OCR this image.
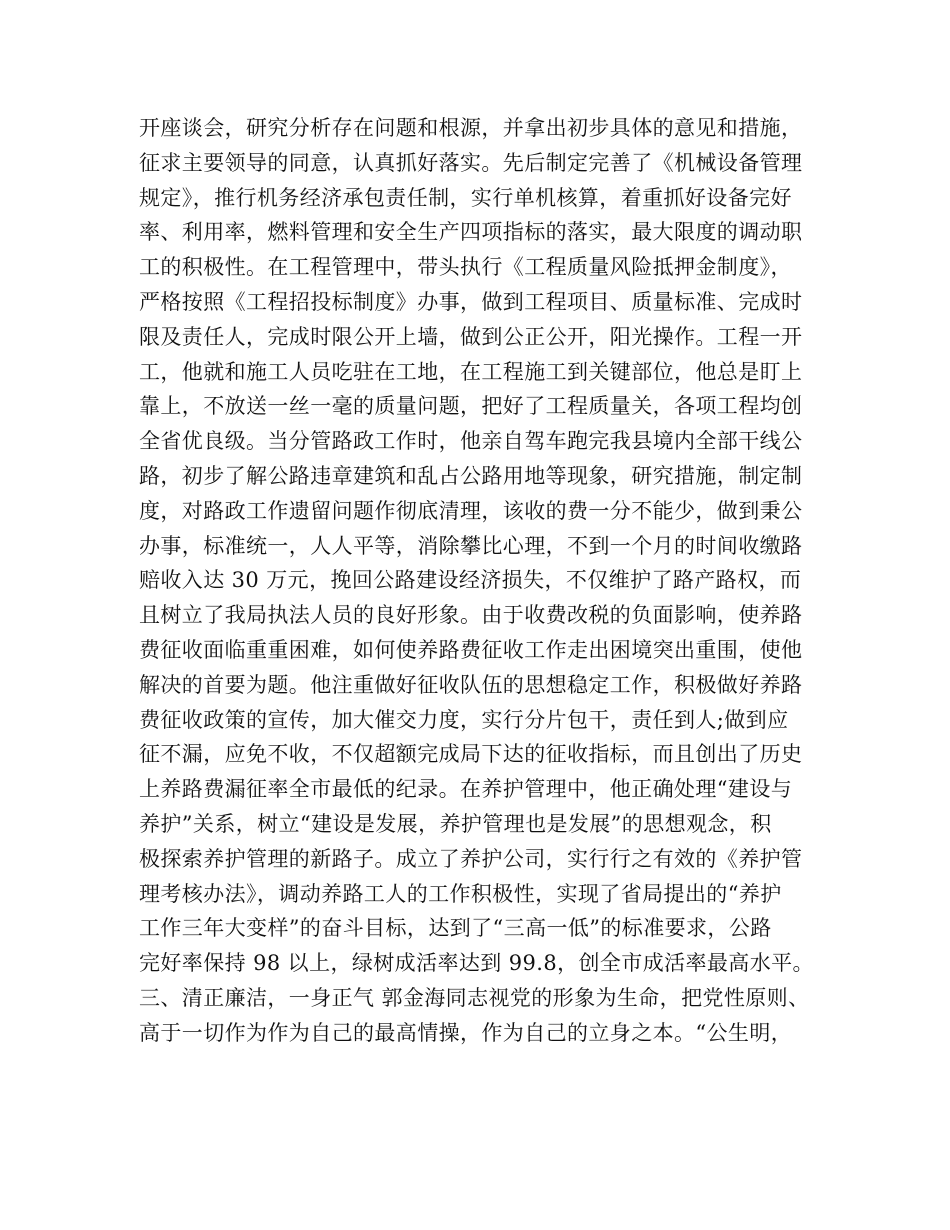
开座谈会，研究分析存在问题和根源，并拿出初步具体的意见和措施，
征求主要领导的同意，认真抓好落实。先后制定完善了《机械设备管理
规定》，推行机务经济承包责任制，实行单机核算，着重抓好设备完好
率、利用率，燃料管理和安全生产四项指标的落实，最大限度的调动职
工的积极性。在工程管理中，带头执行《工程质量风险抵押金制度》，
严格按照《工程招投标制度》办事，做到工程项目、质量标准、完成时
限及责任人，完成时限公开上墙，做到公正公开，阳光操作。工程一开
工，他就和施工人员吃驻在工地，在工程施工到关键部位，他总是盯上
靠上，不放送一丝一毫的质量问题，把好了工程质量关，各项工程均创
全省优良级。当分管路政工作时，他亲自驾车跑完我县境内全部干线公
路，初步了解公路违章建筑和乱占公路用地等现象，研究措施，制定制
度，对路政工作遗留问题作彻底清理，该收的费一分不能少，做到秉公
办事，标准统一，人人平等，消除攀比心理，不到一个月的时间收缴路
赔收入达 30 万元，挽回公路建设经济损失，不仅维护了路产路权，而
且树立了我局执法人员的良好形象。由于收费改税的负面影响，使养路
费征收面临重重困难，如何使养路费征收工作走出困境突出重围，使他
解决的首要为题。他注重做好征收队伍的思想稳定工作，积极做好养路
费征收政策的宣传，加大催交力度，实行分片包干，责任到人;做到应
征不漏，应免不收，不仅超额完成局下达的征收指标，而且创出了历史
上养路费漏征率全市最低的纪录。在养护管理中，他正确处理“建设与
养护”关系，树立“建设是发展，养护管理也是发展”的思想观念，积
极探索养护管理的新路子。成立了养护公司，实行行之有效的《养护管
理考核办法》，调动养路工人的工作积极性，实现了省局提出的“养护
工作三年大变样”的奋斗目标，达到了“三高一低”的标准要求，公路
完好率保持 98 以上，绿树成活率达到 99.8，创全市成活率最高水平。
三、清正廉洁，一身正气 郭金海同志视党的形象为生命，把党性原则、
高于一切作为作为自己的最高情操，作为自己的立身之本。“公生明，
